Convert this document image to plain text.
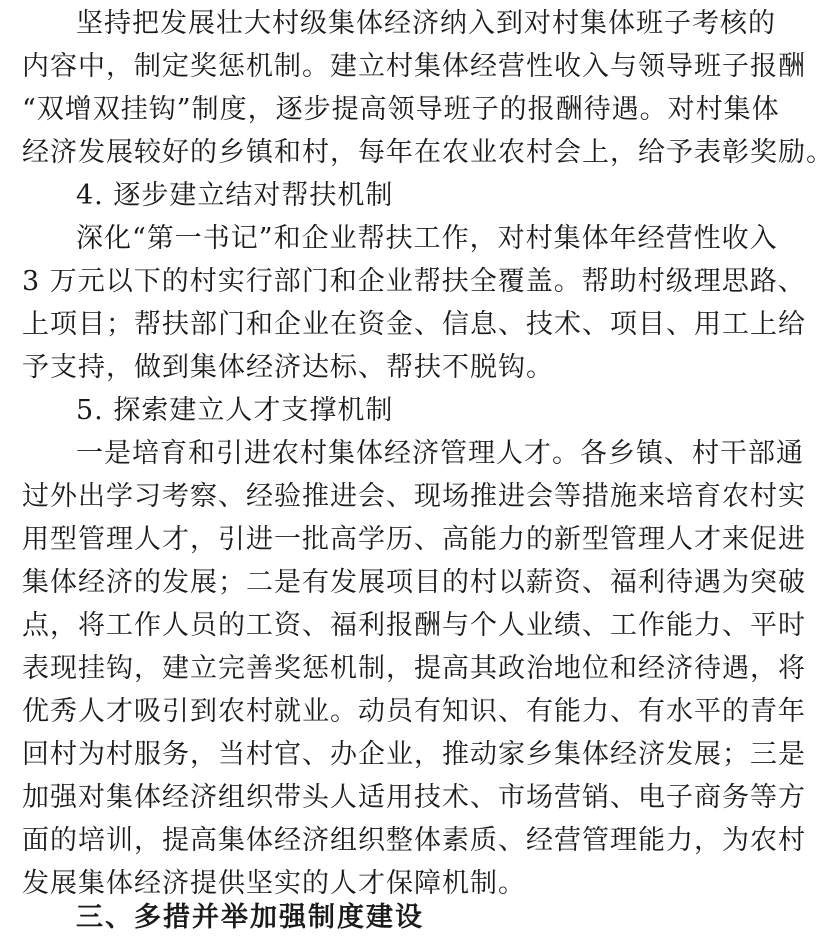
坚持把发展壮大村级集体经济纳入到对村集体班子考核的
内容中，制定奖惩机制。建立村集体经营性收入与领导班子报酬
“双增双挂钩”制度，逐步提高领导班子的报酬待遇。对村集体
经济发展较好的乡镇和村，每年在农业农村会上，给予表彰奖励。
4. 逐步建立结对帮扶机制
深化“第一书记”和企业帮扶工作，对村集体年经营性收入
3 万元以下的村实行部门和企业帮扶全覆盖。帮助村级理思路、
上项目；帮扶部门和企业在资金、信息、技术、项目、用工上给
予支持，做到集体经济达标、帮扶不脱钩。
5. 探索建立人才支撑机制
一是培育和引进农村集体经济管理人才。各乡镇、村干部通
过外出学习考察、经验推进会、现场推进会等措施来培育农村实
用型管理人才，引进一批高学历、高能力的新型管理人才来促进
集体经济的发展；二是有发展项目的村以薪资、福利待遇为突破
点，将工作人员的工资、福利报酬与个人业绩、工作能力、平时
表现挂钩，建立完善奖惩机制，提高其政治地位和经济待遇，将
优秀人才吸引到农村就业。动员有知识、有能力、有水平的青年
回村为村服务，当村官、办企业，推动家乡集体经济发展；三是
加强对集体经济组织带头人适用技术、市场营销、电子商务等方
面的培训，提高集体经济组织整体素质、经营管理能力，为农村
发展集体经济提供坚实的人才保障机制。
三、多措并举加强制度建设
